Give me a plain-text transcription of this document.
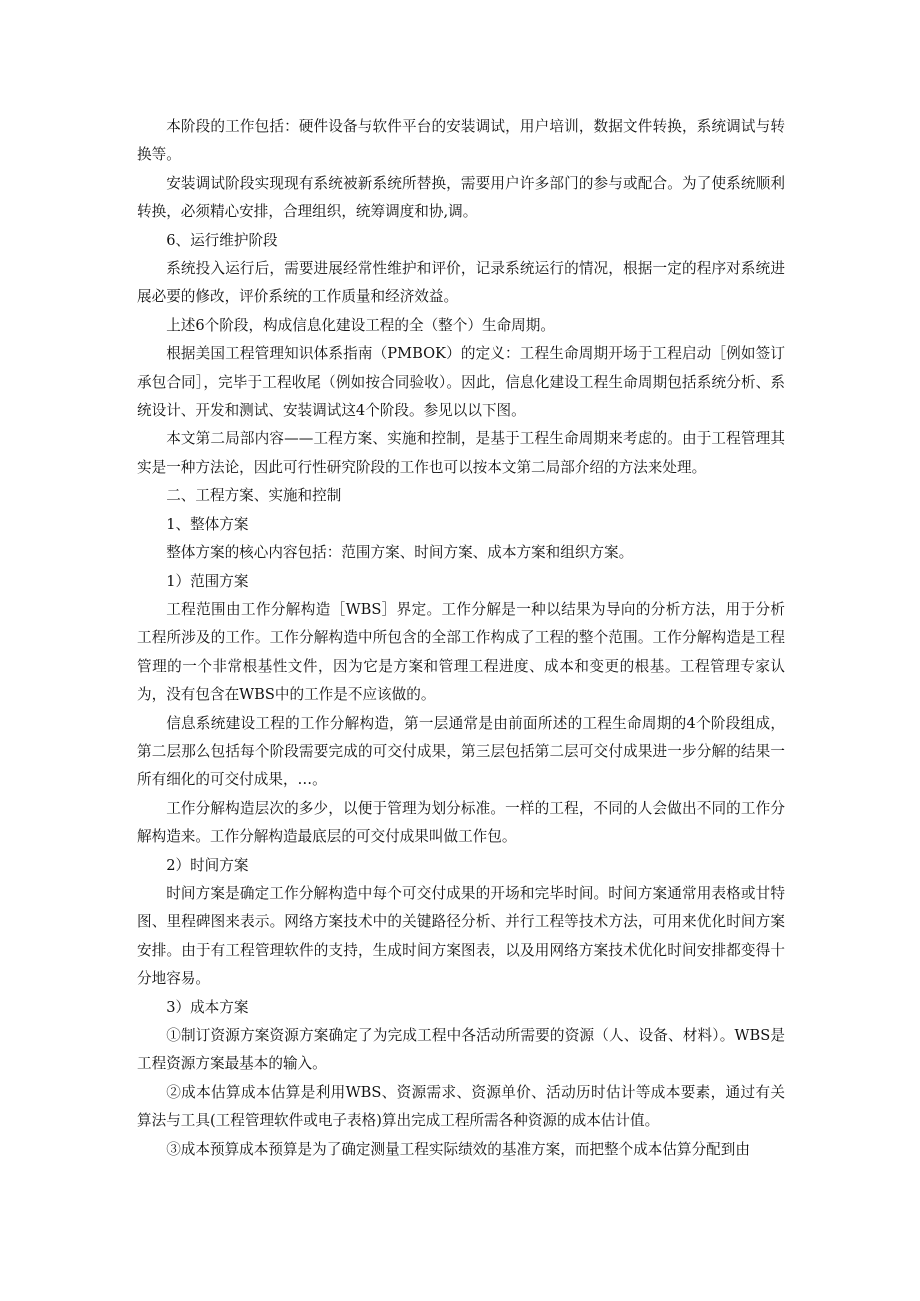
本阶段的工作包括：硬件设备与软件平台的安装调试，用户培训，数据文件转换，系统调试与转换等。

安装调试阶段实现现有系统被新系统所替换，需要用户许多部门的参与或配合。为了使系统顺利转换，必须精心安排，合理组织，统筹调度和协,调。

6、运行维护阶段

系统投入运行后，需要进展经常性维护和评价，记录系统运行的情况，根据一定的程序对系统进展必要的修改，评价系统的工作质量和经济效益。

上述6个阶段，构成信息化建设工程的全（整个）生命周期。

根据美国工程管理知识体系指南（PMBOK）的定义：工程生命周期开场于工程启动［例如签订承包合同］，完毕于工程收尾（例如按合同验收）。因此，信息化建设工程生命周期包括系统分析、系统设计、开发和测试、安装调试这4个阶段。参见以以下图。

本文第二局部内容——工程方案、实施和控制，是基于工程生命周期来考虑的。由于工程管理其实是一种方法论，因此可行性研究阶段的工作也可以按本文第二局部介绍的方法来处理。

二、工程方案、实施和控制

1、整体方案

整体方案的核心内容包括：范围方案、时间方案、成本方案和组织方案。

1）范围方案

工程范围由工作分解构造［WBS］界定。工作分解是一种以结果为导向的分析方法，用于分析工程所涉及的工作。工作分解构造中所包含的全部工作构成了工程的整个范围。工作分解构造是工程管理的一个非常根基性文件，因为它是方案和管理工程进度、成本和变更的根基。工程管理专家认为，没有包含在WBS中的工作是不应该做的。

信息系统建设工程的工作分解构造，第一层通常是由前面所述的工程生命周期的4个阶段组成，第二层那么包括每个阶段需要完成的可交付成果，第三层包括第二层可交付成果进一步分解的结果一所有细化的可交付成果，…。

工作分解构造层次的多少，以便于管理为划分标准。一样的工程，不同的人会做出不同的工作分解构造来。工作分解构造最底层的可交付成果叫做工作包。

2）时间方案

时间方案是确定工作分解构造中每个可交付成果的开场和完毕时间。时间方案通常用表格或甘特图、里程碑图来表示。网络方案技术中的关键路径分析、并行工程等技术方法，可用来优化时间方案安排。由于有工程管理软件的支持，生成时间方案图表，以及用网络方案技术优化时间安排都变得十分地容易。

3）成本方案

①制订资源方案资源方案确定了为完成工程中各活动所需要的资源（人、设备、材料）。WBS是工程资源方案最基本的输入。

②成本估算成本估算是利用WBS、资源需求、资源单价、活动历时估计等成本要素，通过有关算法与工具(工程管理软件或电子表格)算出完成工程所需各种资源的成本估计值。

③成本预算成本预算是为了确定测量工程实际绩效的基准方案，而把整个成本估算分配到由
